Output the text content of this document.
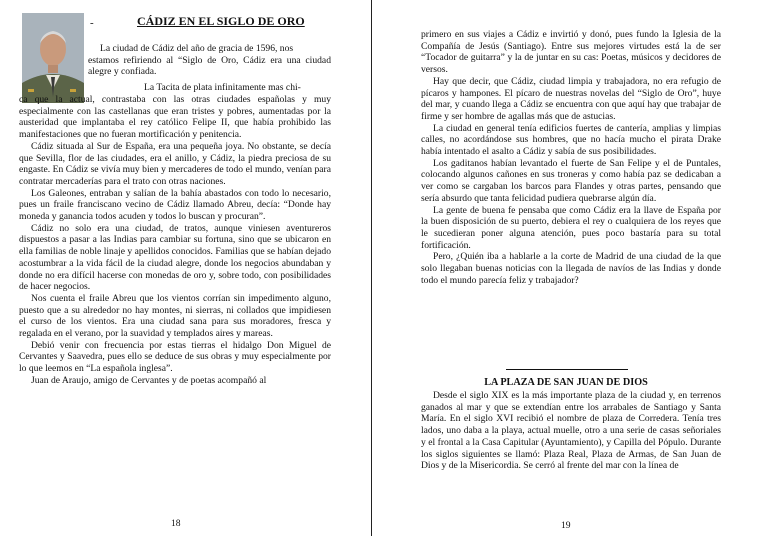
-	CÁDIZ EN EL SIGLO DE ORO

La ciudad de Cádiz del año de gracia de 1596, nos

estamos refiriendo al “Siglo de Oro, Cádiz era una ciudad alegre y confiada.

La Tacita de plata infinitamente mas chi-

ca que la actual, contrastaba con las otras ciudades españolas y muy especialmente con las castellanas que eran tristes y pobres, aumentadas por la austeridad que implantaba el rey católico Felipe II, que había prohibido las manifestaciones que no fueran mortificación y penitencia.

Cádiz situada al Sur de España, era una pequeña joya. No obstante, se decía que Sevilla, flor de las ciudades, era el anillo, y Cádiz, la piedra preciosa de su engaste. En Cádiz se vivía muy bien y mercaderes de todo el mundo, venían para contratar mercaderías para el trato con otras naciones.

Los Galeones, entraban y salían de la bahía abastados con todo lo necesario, pues un fraile franciscano vecino de Cádiz llamado Abreu, decía: “Donde hay moneda y ganancia todos acuden y todos lo buscan y procuran”.

Cádiz no solo era una ciudad, de tratos, aunque viniesen aventureros dispuestos a pasar a las Indias para cambiar su fortuna, sino que se ubicaron en ella familias de noble linaje y apellidos conocidos. Familias que se habían dejado acostumbrar a la vida fácil de la ciudad alegre, donde los negocios abundaban y donde no era difícil hacerse con monedas de oro y, sobre todo, con posibilidades de hacer negocios.

Nos cuenta el fraile Abreu que los vientos corrían sin impedimento alguno, puesto que a su alrededor no hay montes, ni sierras, ni collados que impidiesen el curso de los vientos. Era una ciudad sana para sus moradores, fresca y regalada en el verano, por la suavidad y templados aires y mareas.

Debió venir con frecuencia por estas tierras el hidalgo Don Miguel de Cervantes y Saavedra, pues ello se deduce de sus obras y muy especialmente por lo que leemos en “La española inglesa”.

Juan de Araujo, amigo de Cervantes y de poetas acompañó al

18

primero en sus viajes a Cádiz e invirtió y donó, pues fundo la Iglesia de la Compañía de Jesús (Santiago). Entre sus mejores virtudes está la de ser “Tocador de guitarra” y la de juntar en su cas: Poetas, músicos y decidores de versos.

Hay que decir, que Cádiz, ciudad limpia y trabajadora, no era refugio de pícaros y hampones. El pícaro de nuestras novelas del “Siglo de Oro”, huye del mar, y cuando llega a Cádiz se encuentra con que aquí hay que trabajar de firme y ser hombre de agallas más que de astucias.

La ciudad en general tenía edificios fuertes de cantería, amplias y limpias calles, no acordándose sus hombres, que no hacía mucho el pirata Drake había intentado el asalto a Cádiz y sabía de sus posibilidades.

Los gaditanos habían levantado el fuerte de San Felipe y el de Puntales, colocando algunos cañones en sus troneras y como había paz se dedicaban a ver como se cargaban los barcos para Flandes y otras partes, pensando que sería absurdo que tanta felicidad pudiera quebrarse algún día.

La gente de buena fe pensaba que como Cádiz era la llave de España por la buen disposición de su puerto, debiera el rey o cualquiera de los reyes que le sucedieran poner alguna atención, pues poco bastaría para su total fortificación.

Pero, ¿Quién iba a hablarle a la corte de Madrid de una ciudad de la que solo llegaban buenas noticias con la llegada de navíos de las Indias y donde todo el mundo parecía feliz y trabajador?

LA PLAZA DE SAN JUAN DE DIOS

Desde el siglo XIX es la más importante plaza de la ciudad y, en terrenos ganados al mar y que se extendían entre los arrabales de Santiago y Santa María. En el siglo XVI recibió el nombre de plaza de Corredera. Tenía tres lados, uno daba a la playa, actual muelle, otro a una serie de casas señoriales y el frontal a la Casa Capitular (Ayuntamiento), y Capilla del Pópulo. Durante los siglos siguientes se llamó: Plaza Real, Plaza de Armas, de San Juan de Dios y de la Misericordia. Se cerró al frente del mar con la línea de

19
